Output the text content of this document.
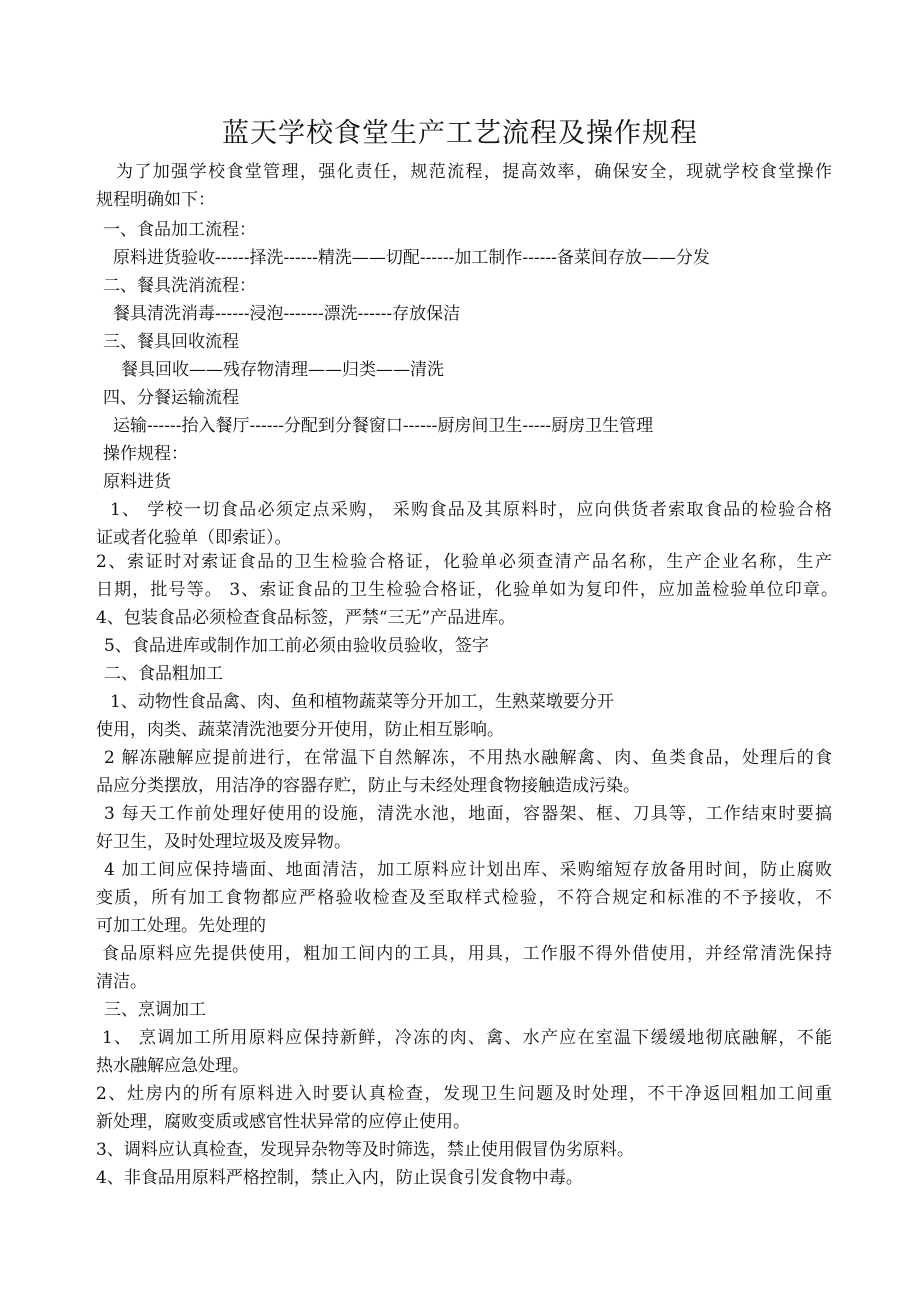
蓝天学校食堂生产工艺流程及操作规程
为了加强学校食堂管理，强化责任，规范流程，提高效率，确保安全，现就学校食堂操作
规程明确如下：
一、食品加工流程：
原料进货验收------择洗------精洗——切配------加工制作------备菜间存放——分发
二、餐具洗消流程：
餐具清洗消毒------浸泡-------漂洗------存放保洁
三、餐具回收流程
餐具回收——残存物清理——归类——清洗
四、分餐运输流程
运输------抬入餐厅------分配到分餐窗口------厨房间卫生-----厨房卫生管理
操作规程：
原料进货
1、 学校一切食品必须定点采购， 采购食品及其原料时，应向供货者索取食品的检验合格
证或者化验单（即索证）。
2、索证时对索证食品的卫生检验合格证，化验单必须查清产品名称，生产企业名称，生产
日期，批号等。 3、索证食品的卫生检验合格证，化验单如为复印件，应加盖检验单位印章。
4、包装食品必须检查食品标签，严禁“三无”产品进库。
5、食品进库或制作加工前必须由验收员验收，签字
二、食品粗加工
1、动物性食品禽、肉、鱼和植物蔬菜等分开加工，生熟菜墩要分开
使用，肉类、蔬菜清洗池要分开使用，防止相互影响。
2 解冻融解应提前进行，在常温下自然解冻，不用热水融解禽、肉、鱼类食品，处理后的食
品应分类摆放，用洁净的容器存贮，防止与未经处理食物接触造成污染。
3 每天工作前处理好使用的设施，清洗水池，地面，容器架、框、刀具等，工作结束时要搞
好卫生，及时处理垃圾及废异物。
4 加工间应保持墙面、地面清洁，加工原料应计划出库、采购缩短存放备用时间，防止腐败
变质，所有加工食物都应严格验收检查及至取样式检验，不符合规定和标准的不予接收，不
可加工处理。先处理的
食品原料应先提供使用，粗加工间内的工具，用具，工作服不得外借使用，并经常清洗保持
清洁。
三、烹调加工
1、 烹调加工所用原料应保持新鲜，冷冻的肉、禽、水产应在室温下缓缓地彻底融解，不能
热水融解应急处理。
2、灶房内的所有原料进入时要认真检查，发现卫生问题及时处理，不干净返回粗加工间重
新处理，腐败变质或感官性状异常的应停止使用。
3、调料应认真检查，发现异杂物等及时筛选，禁止使用假冒伪劣原料。
4、非食品用原料严格控制，禁止入内，防止误食引发食物中毒。
